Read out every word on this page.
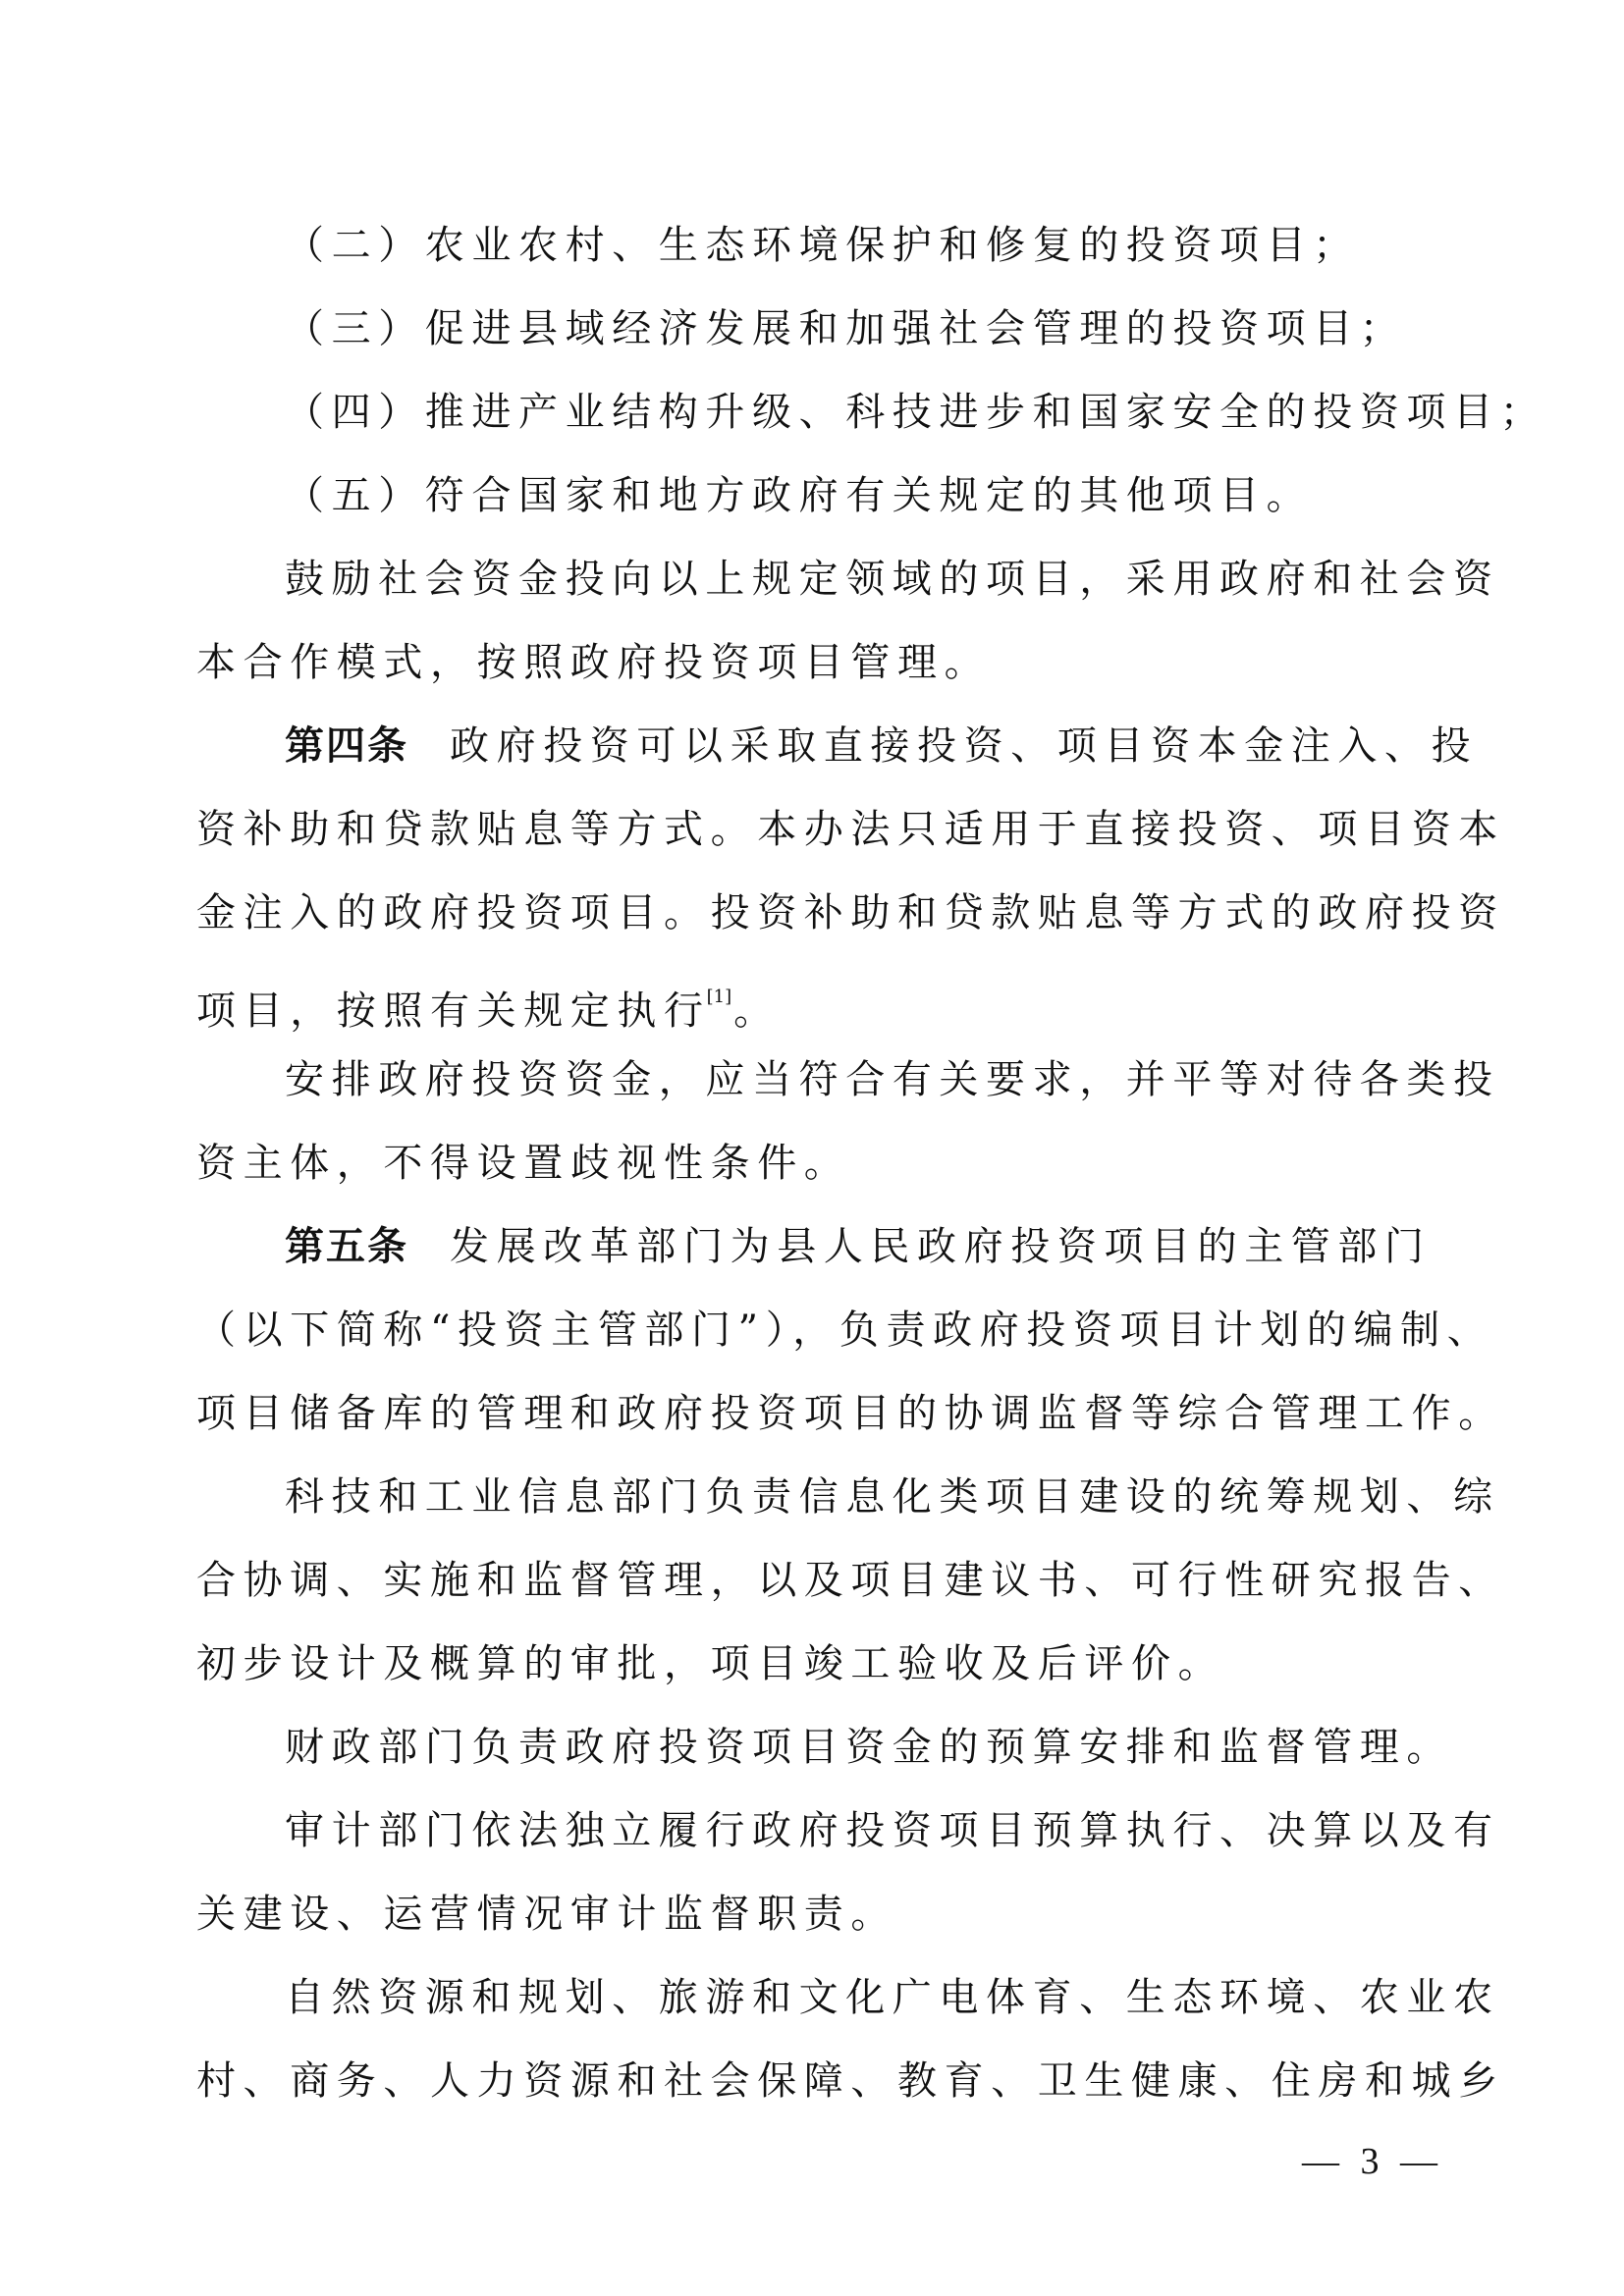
（二）农业农村、生态环境保护和修复的投资项目；
（三）促进县域经济发展和加强社会管理的投资项目；
（四）推进产业结构升级、科技进步和国家安全的投资项目；
（五）符合国家和地方政府有关规定的其他项目。
鼓励社会资金投向以上规定领域的项目，采用政府和社会资
本合作模式，按照政府投资项目管理。
第四条 政府投资可以采取直接投资、项目资本金注入、投
资补助和贷款贴息等方式。本办法只适用于直接投资、项目资本
金注入的政府投资项目。投资补助和贷款贴息等方式的政府投资
项目，按照有关规定执行[1]。
安排政府投资资金，应当符合有关要求，并平等对待各类投
资主体，不得设置歧视性条件。
第五条 发展改革部门为县人民政府投资项目的主管部门
（以下简称“投资主管部门”），负责政府投资项目计划的编制、
项目储备库的管理和政府投资项目的协调监督等综合管理工作。
科技和工业信息部门负责信息化类项目建设的统筹规划、综
合协调、实施和监督管理，以及项目建议书、可行性研究报告、
初步设计及概算的审批，项目竣工验收及后评价。
财政部门负责政府投资项目资金的预算安排和监督管理。
审计部门依法独立履行政府投资项目预算执行、决算以及有
关建设、运营情况审计监督职责。
自然资源和规划、旅游和文化广电体育、生态环境、农业农
村、商务、人力资源和社会保障、教育、卫生健康、住房和城乡
— 3 —
